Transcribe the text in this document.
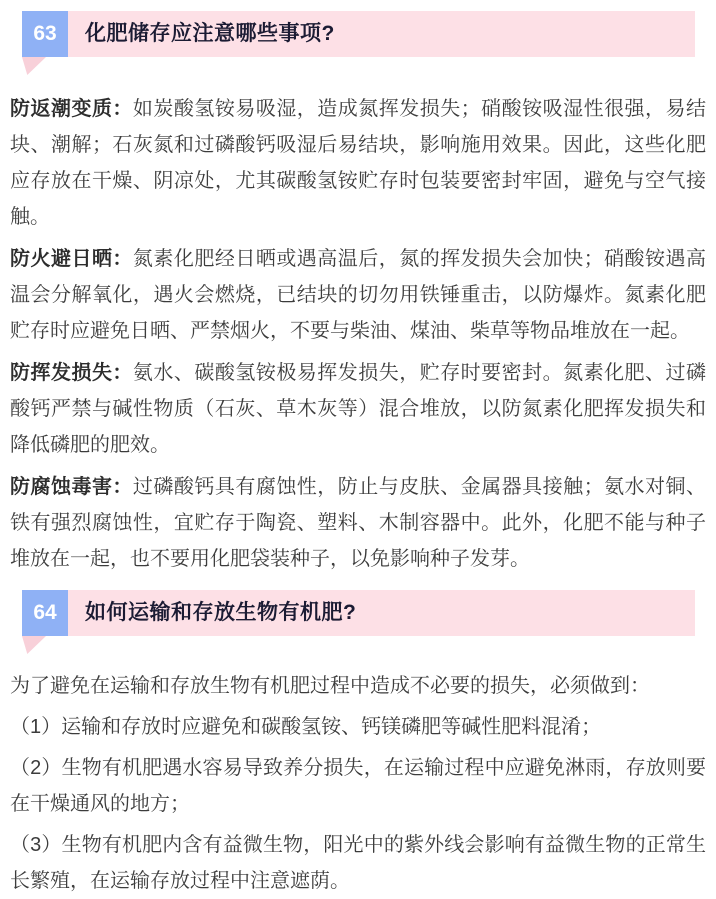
63	化肥储存应注意哪些事项?

防返潮变质：如炭酸氢铵易吸湿，造成氮挥发损失；硝酸铵吸湿性很强，易结块、潮解；石灰氮和过磷酸钙吸湿后易结块，影响施用效果。因此，这些化肥应存放在干燥、阴凉处，尤其碳酸氢铵贮存时包装要密封牢固，避免与空气接触。

防火避日晒：氮素化肥经日晒或遇高温后，氮的挥发损失会加快；硝酸铵遇高温会分解氧化，遇火会燃烧，已结块的切勿用铁锤重击，以防爆炸。氮素化肥贮存时应避免日晒、严禁烟火，不要与柴油、煤油、柴草等物品堆放在一起。

防挥发损失：氨水、碳酸氢铵极易挥发损失，贮存时要密封。氮素化肥、过磷酸钙严禁与碱性物质（石灰、草木灰等）混合堆放，以防氮素化肥挥发损失和降低磷肥的肥效。

防腐蚀毒害：过磷酸钙具有腐蚀性，防止与皮肤、金属器具接触；氨水对铜、铁有强烈腐蚀性，宜贮存于陶瓷、塑料、木制容器中。此外，化肥不能与种子堆放在一起，也不要用化肥袋装种子，以免影响种子发芽。

64	如何运输和存放生物有机肥?

为了避免在运输和存放生物有机肥过程中造成不必要的损失，必须做到：

（1）运输和存放时应避免和碳酸氢铵、钙镁磷肥等碱性肥料混淆；

（2）生物有机肥遇水容易导致养分损失，在运输过程中应避免淋雨，存放则要在干燥通风的地方；

（3）生物有机肥内含有益微生物，阳光中的紫外线会影响有益微生物的正常生长繁殖，在运输存放过程中注意遮荫。
